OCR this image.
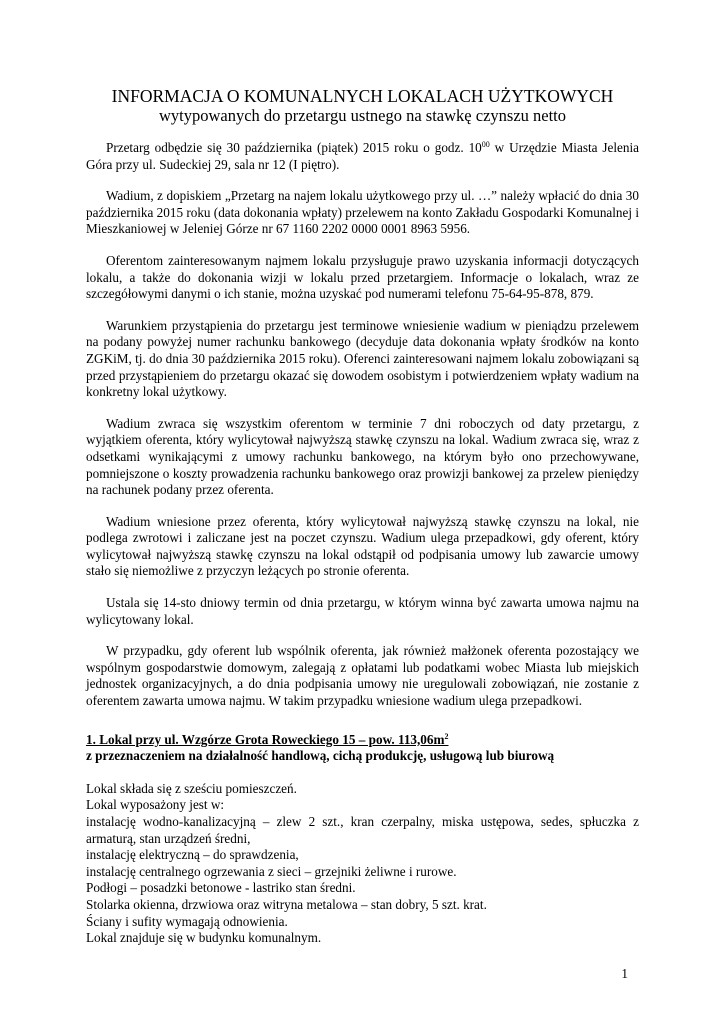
INFORMACJA O KOMUNALNYCH LOKALACH UŻYTKOWYCH

wytypowanych do przetargu ustnego na stawkę czynszu netto

Przetarg odbędzie się 30 października (piątek) 2015 roku o godz. $10^{00}$ w Urzędzie Miasta Jelenia Góra przy ul. Sudeckiej 29, sala nr 12 (I piętro).

Wadium, z dopiskiem „Przetarg na najem lokalu użytkowego przy ul. …” należy wpłacić do dnia 30 października 2015 roku (data dokonania wpłaty) przelewem na konto Zakładu Gospodarki Komunalnej i Mieszkaniowej w Jeleniej Górze nr 67 1160 2202 0000 0001 8963 5956.

Oferentom zainteresowanym najmem lokalu przysługuje prawo uzyskania informacji dotyczących lokalu, a także do dokonania wizji w lokalu przed przetargiem. Informacje o lokalach, wraz ze szczegółowymi danymi o ich stanie, można uzyskać pod numerami telefonu 75-64-95-878, 879.

Warunkiem przystąpienia do przetargu jest terminowe wniesienie wadium w pieniądzu przelewem na podany powyżej numer rachunku bankowego (decyduje data dokonania wpłaty środków na konto ZGKiM, tj. do dnia 30 października 2015 roku). Oferenci zainteresowani najmem lokalu zobowiązani są przed przystąpieniem do przetargu okazać się dowodem osobistym i potwierdzeniem wpłaty wadium na konkretny lokal użytkowy.

Wadium zwraca się wszystkim oferentom w terminie 7 dni roboczych od daty przetargu, z wyjątkiem oferenta, który wylicytował najwyższą stawkę czynszu na lokal. Wadium zwraca się, wraz z odsetkami wynikającymi z umowy rachunku bankowego, na którym było ono przechowywane, pomniejszone o koszty prowadzenia rachunku bankowego oraz prowizji bankowej za przelew pieniędzy na rachunek podany przez oferenta.

Wadium wniesione przez oferenta, który wylicytował najwyższą stawkę czynszu na lokal, nie podlega zwrotowi i zaliczane jest na poczet czynszu. Wadium ulega przepadkowi, gdy oferent, który wylicytował najwyższą stawkę czynszu na lokal odstąpił od podpisania umowy lub zawarcie umowy stało się niemożliwe z przyczyn leżących po stronie oferenta.

Ustala się 14-sto dniowy termin od dnia przetargu, w którym winna być zawarta umowa najmu na wylicytowany lokal.

W przypadku, gdy oferent lub wspólnik oferenta, jak również małżonek oferenta pozostający we wspólnym gospodarstwie domowym, zalegają z opłatami lub podatkami wobec Miasta lub miejskich jednostek organizacyjnych, a do dnia podpisania umowy nie uregulowali zobowiązań, nie zostanie z oferentem zawarta umowa najmu. W takim przypadku wniesione wadium ulega przepadkowi.

1. Lokal przy ul. Wzgórze Grota Roweckiego 15 – pow. $113,06m^2$

z przeznaczeniem na działalność handlową, cichą produkcję, usługową lub biurową

Lokal składa się z sześciu pomieszczeń.

Lokal wyposażony jest w:

instalację wodno-kanalizacyjną – zlew 2 szt., kran czerpalny, miska ustępowa, sedes, spłuczka z armaturą, stan urządzeń średni,

instalację elektryczną – do sprawdzenia,

instalację centralnego ogrzewania z sieci – grzejniki żeliwne i rurowe.

Podłogi – posadzki betonowe - lastriko stan średni.

Stolarka okienna, drzwiowa oraz witryna metalowa – stan dobry, 5 szt. krat.

Ściany i sufity wymagają odnowienia.

Lokal znajduje się w budynku komunalnym.

1
